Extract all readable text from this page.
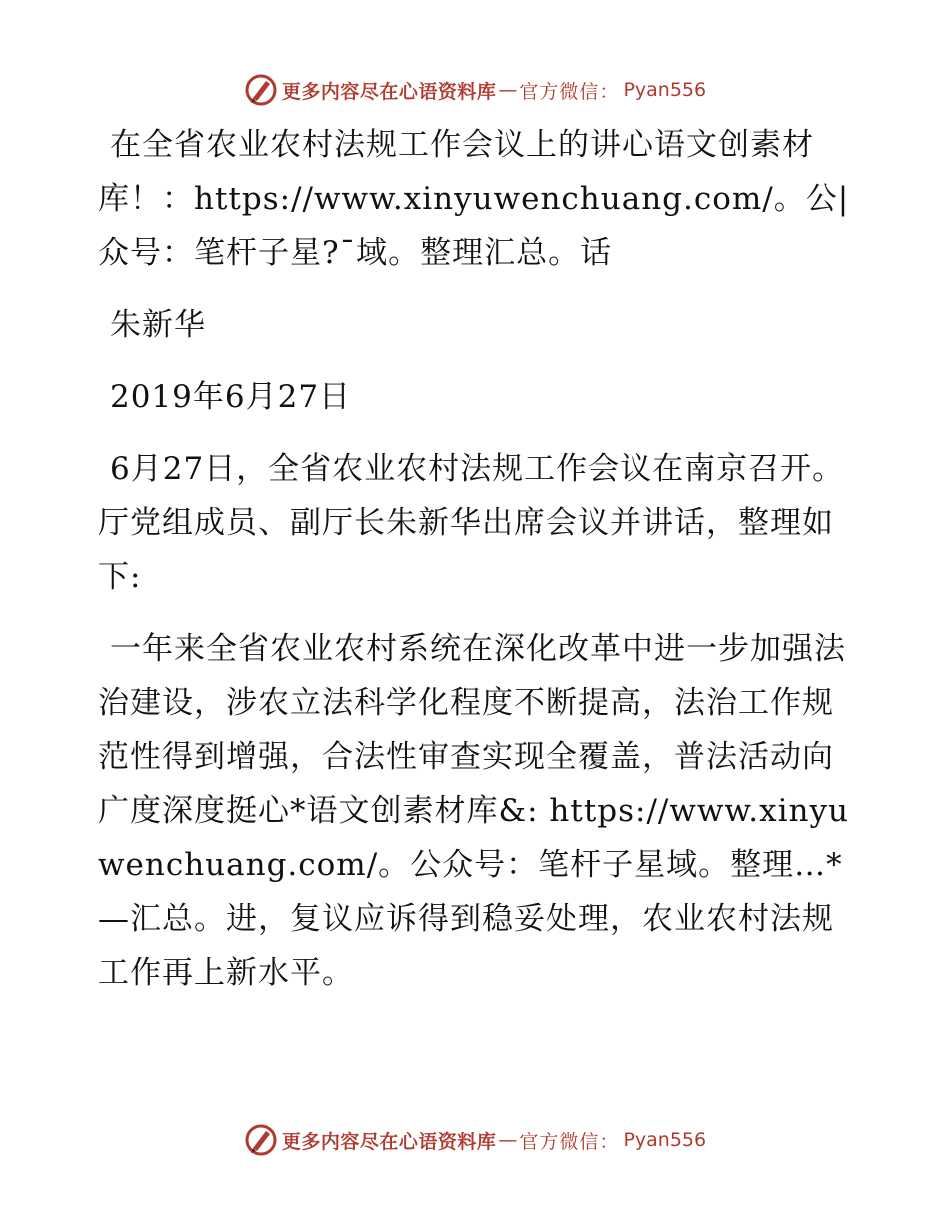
更多内容尽在心语资料库 — 官方微信： Pyan556

在全省农业农村法规工作会议上的讲心语文创素材库！：https://www.xinyuwenchuang.com/。公|众号：笔杆子星?¯域。整理汇总。话

朱新华

2019年6月27日

6月27日，全省农业农村法规工作会议在南京召开。厅党组成员、副厅长朱新华出席会议并讲话，整理如下:

一年来全省农业农村系统在深化改革中进一步加强法治建设，涉农立法科学化程度不断提高，法治工作规范性得到增强，合法性审查实现全覆盖，普法活动向广度深度挺心*语文创素材库&: https://www.xinyuwenchuang.com/。公众号：笔杆子星域。整理…*—汇总。进，复议应诉得到稳妥处理，农业农村法规工作再上新水平。

更多内容尽在心语资料库 — 官方微信： Pyan556
